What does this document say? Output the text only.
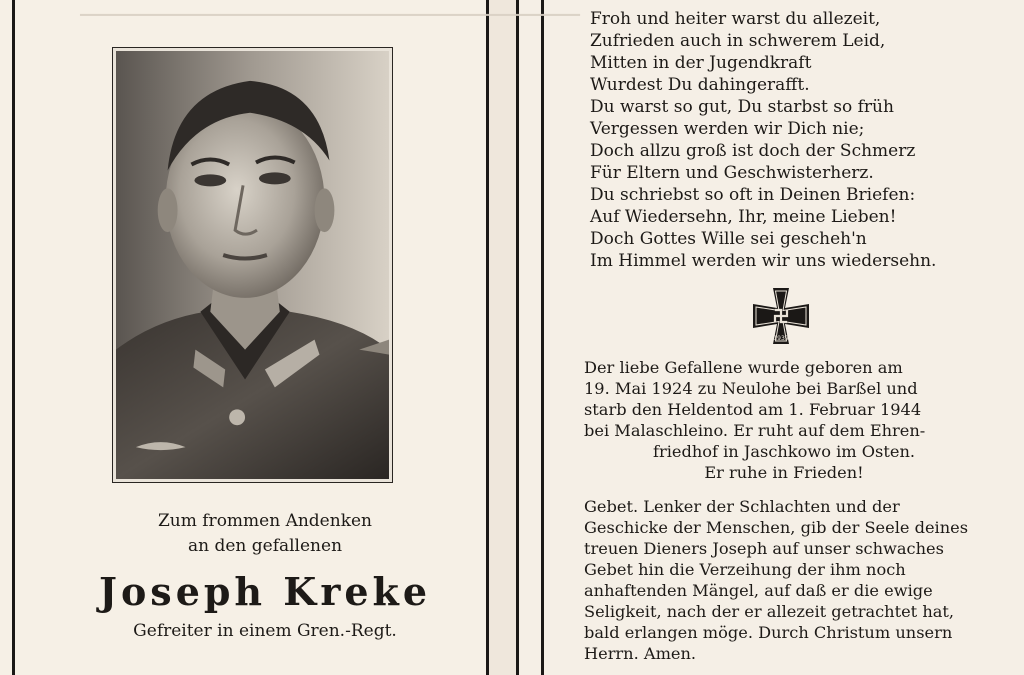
▔▔▔▔▔▔▔▔▔▔▔▔▔▔▔▔▔▔▔▔▔▔▔▔▔▔▔▔▔▔▔▔▔▔▔▔▔▔▔▔▔▔▔▔▔▔▔▔▔▔
Zum frommen Andenken
an den gefallenen
Joseph Kreke
Gefreiter in einem Gren.-Regt.
Froh und heiter warst du allezeit,
Zufrieden auch in schwerem Leid,
Mitten in der Jugendkraft
Wurdest Du dahingerafft.
Du warst so gut, Du starbst so früh
Vergessen werden wir Dich nie;
Doch allzu groß ist doch der Schmerz
Für Eltern und Geschwisterherz.
Du schriebst so oft in Deinen Briefen:
Auf Wiedersehn, Ihr, meine Lieben!
Doch Gottes Wille sei gescheh'n
Im Himmel werden wir uns wiedersehn.
1939
Der liebe Gefallene wurde geboren am
19. Mai 1924 zu Neulohe bei Barßel und
starb den Heldentod am 1. Februar 1944
bei Malaschleino. Er ruht auf dem Ehren-
friedhof in Jaschkowo im Osten.
Er ruhe in Frieden!
Gebet. Lenker der Schlachten und der
Geschicke der Menschen, gib der Seele deines
treuen Dieners Joseph auf unser schwaches
Gebet hin die Verzeihung der ihm noch
anhaftenden Mängel, auf daß er die ewige
Seligkeit, nach der er allezeit getrachtet hat,
bald erlangen möge. Durch Christum unsern
Herrn. Amen.
